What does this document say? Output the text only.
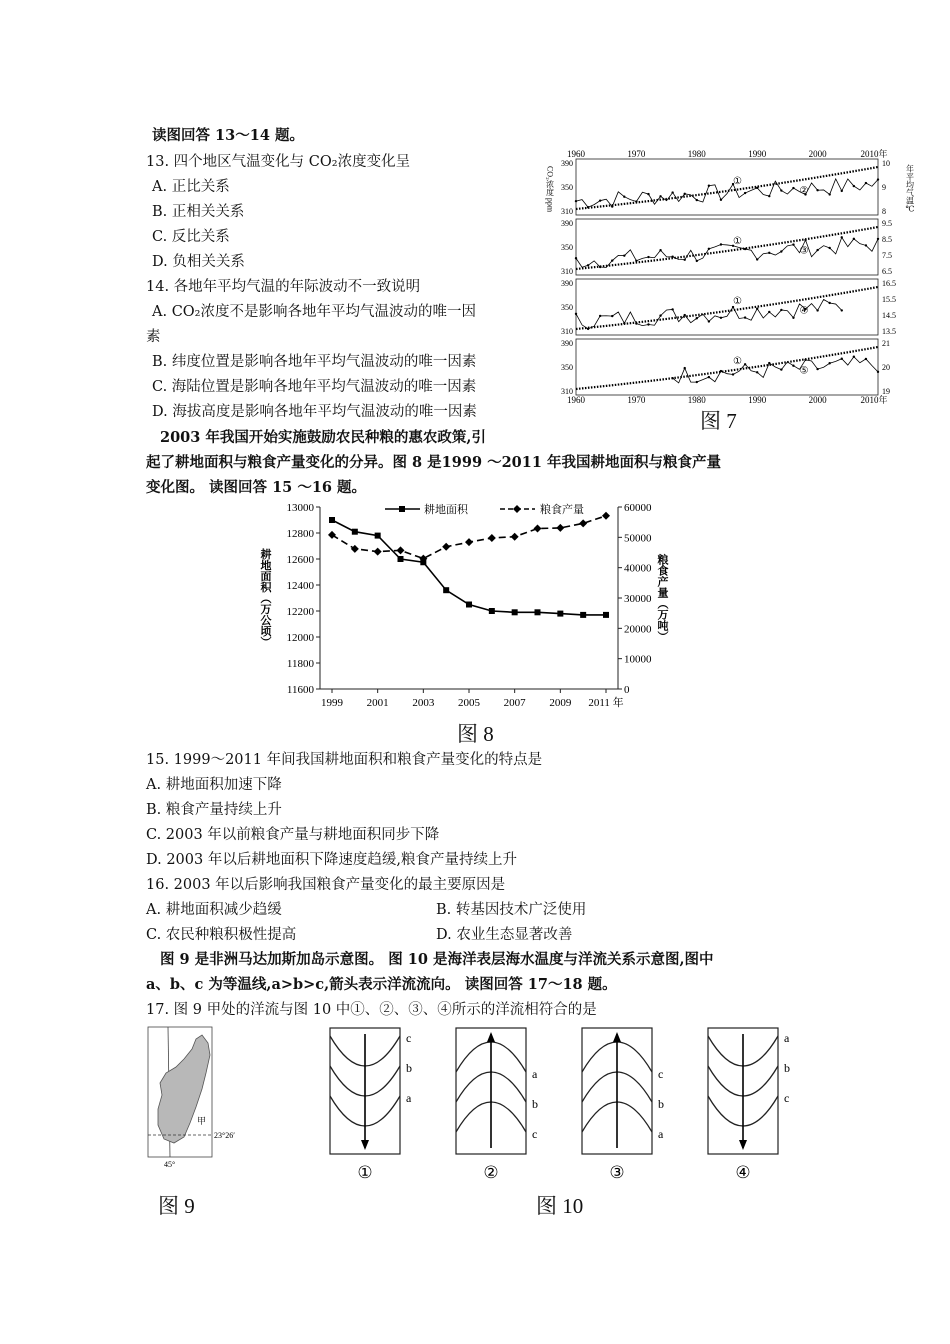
读图回答 13～14 题。
13. 四个地区气温变化与 CO₂浓度变化呈
A. 正比关系
B. 正相关关系
C. 反比关系
D. 负相关关系
14. 各地年平均气温的年际波动不一致说明
A. CO₂浓度不是影响各地年平均气温波动的唯一因
素
B. 纬度位置是影响各地年平均气温波动的唯一因素
C. 海陆位置是影响各地年平均气温波动的唯一因素
D. 海拔高度是影响各地年平均气温波动的唯一因素
1960	1970	1980	1990	2000	2010年
1960	1970	1980	1990	2000	2010年
CO₂浓度 ppm	年平均气温℃
390
350
310
10
9
8
①
②
390
350
310
9.5
8.5
7.5
6.5
①
③
390
350
310
16.5
15.5
14.5
13.5
①
④
390
350
310
21
20
19
①
⑤
图 7
2003 年我国开始实施鼓励农民种粮的惠农政策,引
起了耕地面积与粮食产量变化的分异。图 8 是1999 ～2011 年我国耕地面积与粮食产量
变化图。 读图回答 15 ～16 题。
13000
12800
12600
12400
12200
12000
11800
11600
60000
50000
40000
30000
20000
10000
0
1999 2001 2003 2005 2007 2009 2011 年
耕地面积（万公顷）	粮食产量（万吨）
耕地面积	粮食产量
图 8
15. 1999～2011 年间我国耕地面积和粮食产量变化的特点是
A. 耕地面积加速下降
B. 粮食产量持续上升
C. 2003 年以前粮食产量与耕地面积同步下降
D. 2003 年以后耕地面积下降速度趋缓,粮食产量持续上升
16. 2003 年以后影响我国粮食产量变化的最主要原因是
A. 耕地面积减少趋缓	B. 转基因技术广泛使用
C. 农民种粮积极性提高	D. 农业生态显著改善
图 9 是非洲马达加斯加岛示意图。 图 10 是海洋表层海水温度与洋流关系示意图,图中
a、b、c 为等温线,a>b>c,箭头表示洋流流向。 读图回答 17～18 题。
17. 图 9 甲处的洋流与图 10 中①、②、③、④所示的洋流相符合的是
甲
23°26′
45°
图 9
c
b
a
①
a
b
c
②
c
b
a
③
a
b
c
④
图 10
